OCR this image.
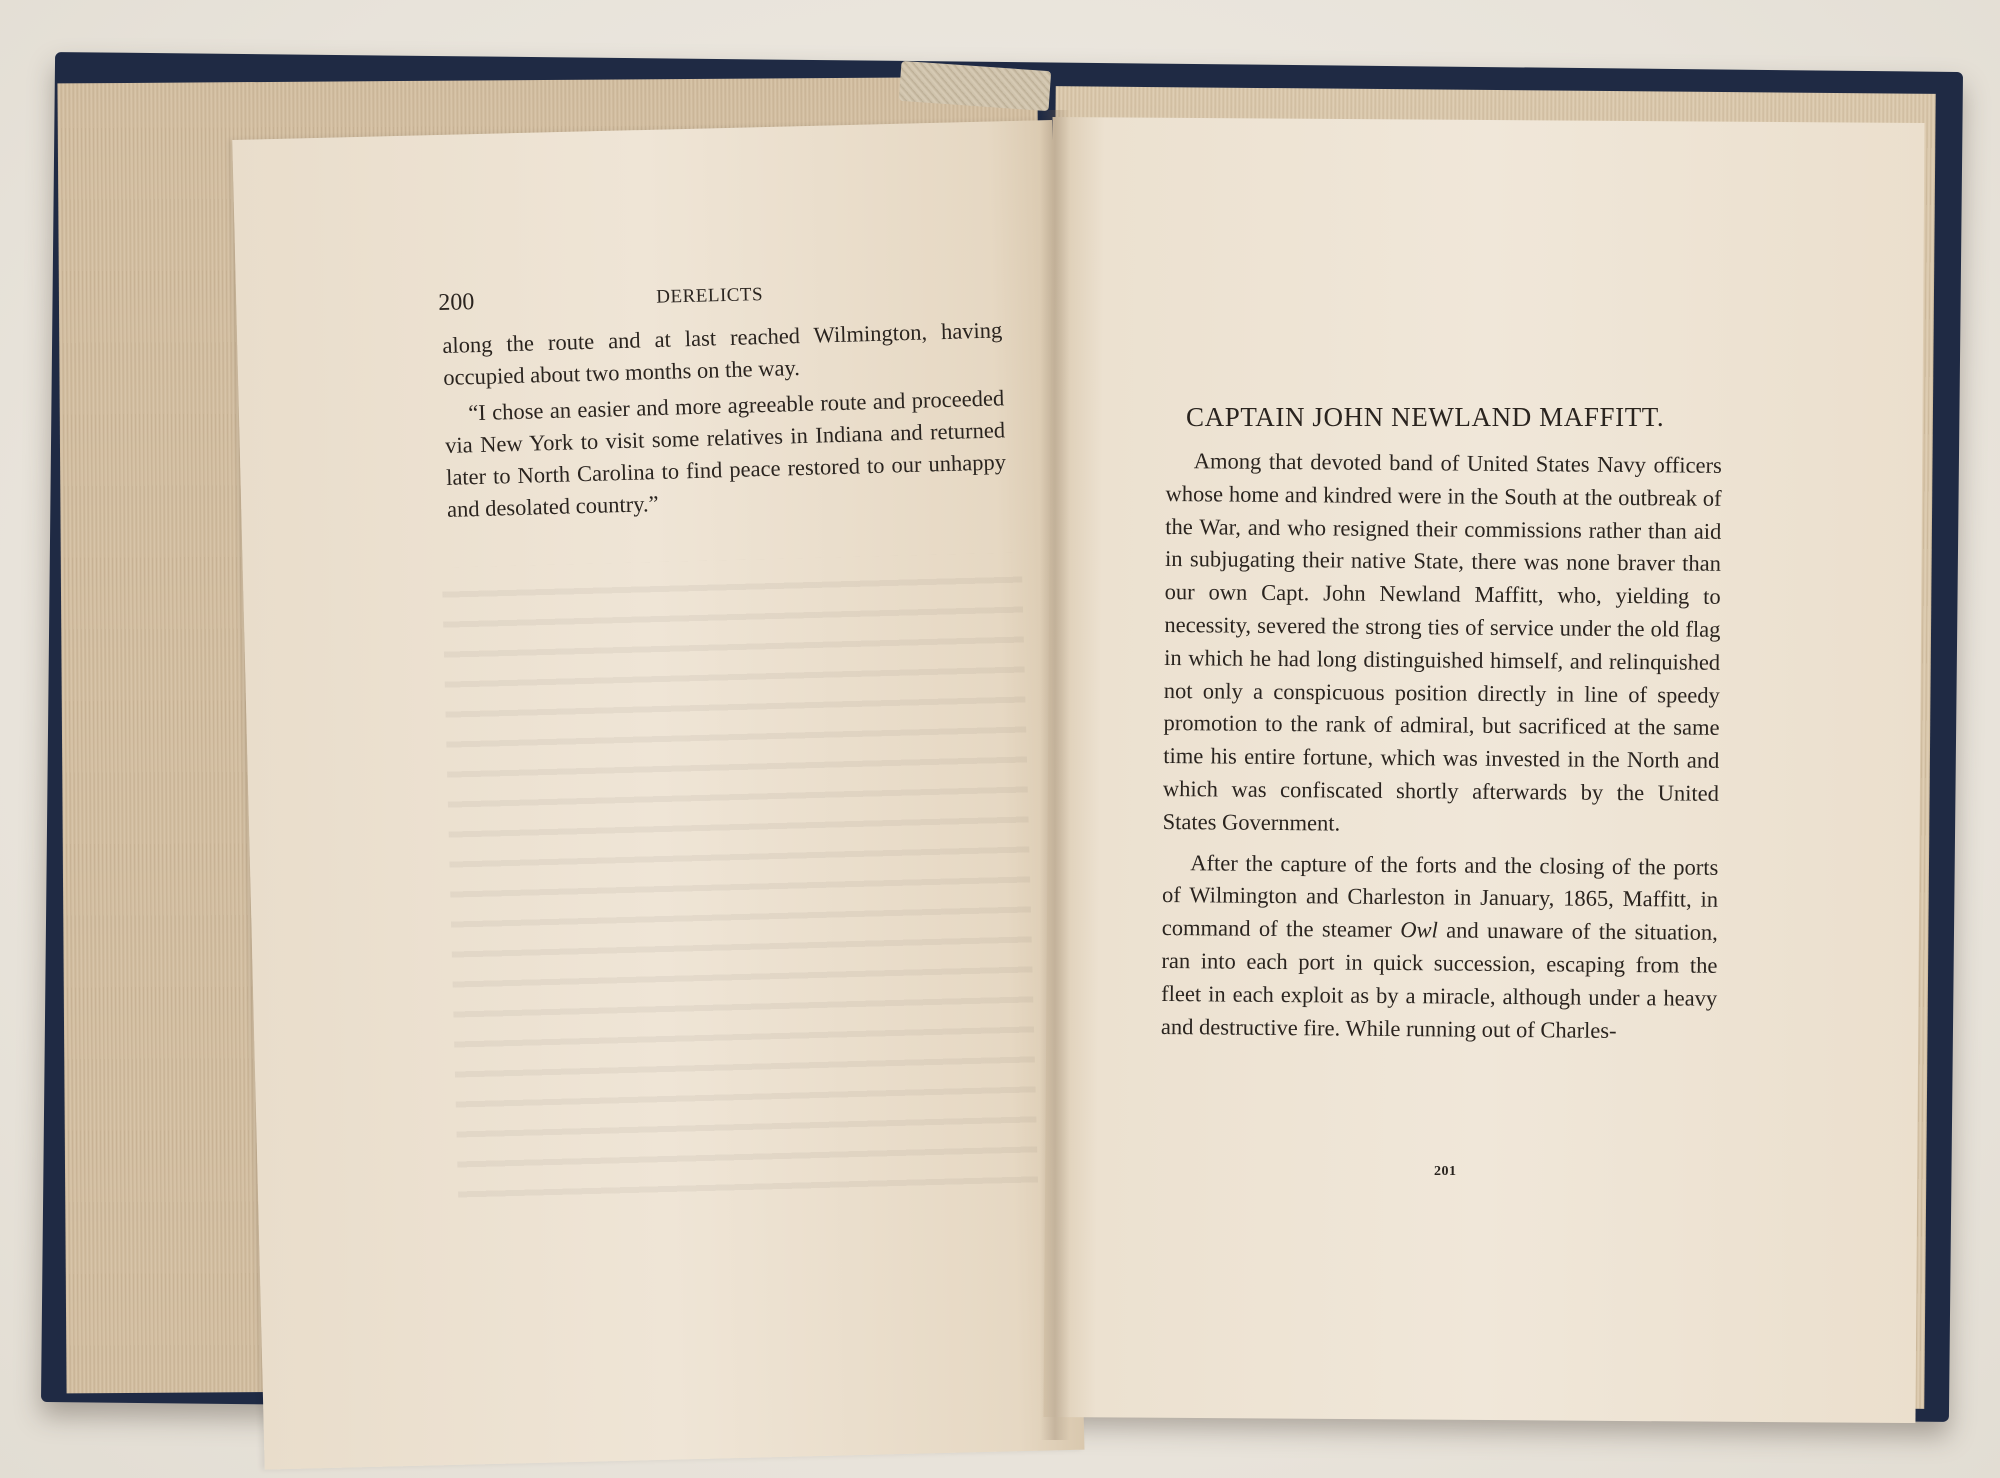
200	DERELICTS

along the route and at last reached Wilmington, having occupied about two months on the way.

“I chose an easier and more agreeable route and proceeded via New York to visit some relatives in Indiana and returned later to North Carolina to find peace restored to our unhappy and desolated country.”

CAPTAIN JOHN NEWLAND MAFFITT.

Among that devoted band of United States Navy officers whose home and kindred were in the South at the outbreak of the War, and who resigned their commissions rather than aid in subjugating their native State, there was none braver than our own Capt. John Newland Maffitt, who, yielding to necessity, severed the strong ties of service under the old flag in which he had long distinguished himself, and relinquished not only a conspicuous position directly in line of speedy promotion to the rank of admiral, but sacrificed at the same time his entire fortune, which was invested in the North and which was confiscated shortly afterwards by the United States Government.

After the capture of the forts and the closing of the ports of Wilmington and Charleston in January, 1865, Maffitt, in command of the steamer Owl and unaware of the situation, ran into each port in quick succession, escaping from the fleet in each exploit as by a miracle, although under a heavy and destructive fire. While running out of Charles-

201
